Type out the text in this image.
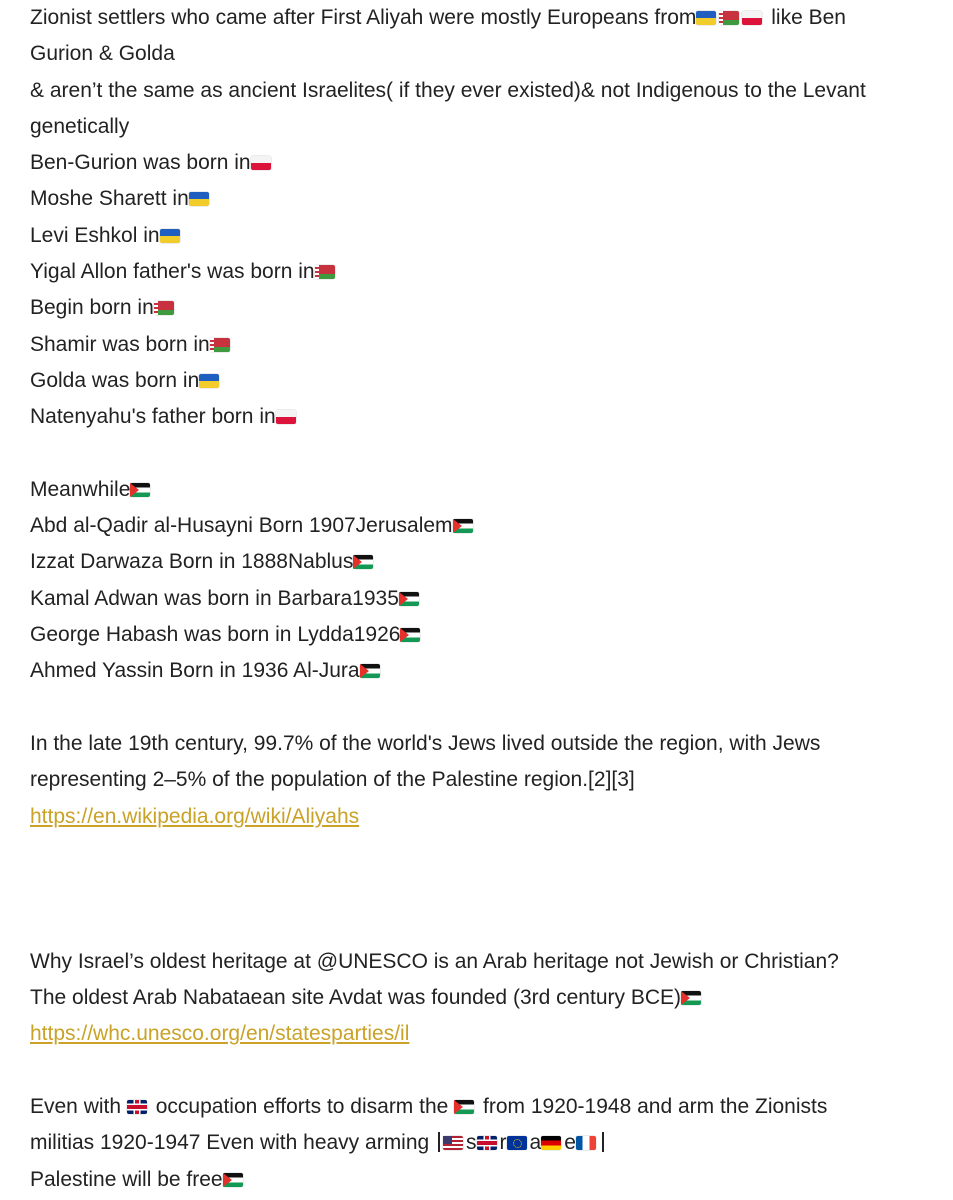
Zionist settlers who came after First Aliyah were mostly Europeans from	like Ben
Gurion & Golda
& aren’t the same as ancient Israelites( if they ever existed)& not Indigenous to the Levant
genetically
Ben-Gurion was born in
Moshe Sharett in
Levi Eshkol in
Yigal Allon father's was born in
Begin born in
Shamir was born in
Golda was born in
Natenyahu's father born in
Meanwhile
Abd al-Qadir al-Husayni Born 1907Jerusalem
Izzat Darwaza Born in 1888Nablus
Kamal Adwan was born in Barbara1935
George Habash was born in Lydda1926
Ahmed Yassin Born in 1936 Al-Jura
In the late 19th century, 99.7% of the world's Jews lived outside the region, with Jews
representing 2–5% of the population of the Palestine region.[2][3]
https://en.wikipedia.org/wiki/Aliyahs
Why Israel’s oldest heritage at @UNESCO is an Arab heritage not Jewish or Christian?
The oldest Arab Nabataean site Avdat was founded (3rd century BCE)
https://whc.unesco.org/en/statesparties/il
Even with  occupation efforts to disarm the  from 1920-1948 and arm the Zionists
militias 1920-1947 Even with heavy arming s r a e
Palestine will be free
